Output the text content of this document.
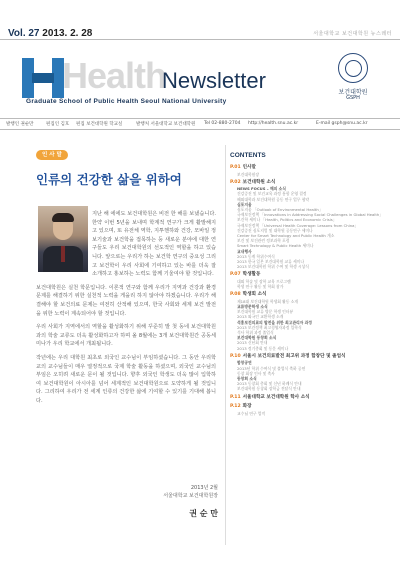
Vol. 27 2013. 2. 28	서울대학교 보건대학원 뉴스레터
Health
Newsletter
Graduate School of Public Health Seoul National University
보건대학원
GSPH
발행인 권순만	편집인 김호 편집 보건대학원 학교실	발행처 서울대학교 보건대학원 Tel 02-880-2704 http://health.snu.ac.kr	E-mail gsph@snu.ac.kr
인 사 말
인류의 건강한 삶을 위하여

지난 해 에에도 보건대학원은 비전 한 해를 보냈습니다. 한약 이번 5년을 보내며 학계적 연구가 크게 활발해지고 있으며, 또 유전체 역학, 지투헨하와 건강, 모바일 정보기술과 보건학을 접목하는 등 새로운 분야에 대한 연구들도 우리 보건대학원의 선도적인 역할을 하고 있습니다. 앞으로는 우리가 하는 보건학 연구의 중요성 그리고 보건학이 우리 사회에 기여하고 있는 바를 더욱 잘 소개하고 홍보하는 노력도 함께 기울여야 할 것입니다.

보건대학원은 실천 학문입니다. 이론적 연구와 함께 우리가 지역과 건강과 환경 문제를 해결하기 위한 실천적 노력을 게을리 하지 않아야 하겠습니다. 우리가 해결해야 할 보건의료 문제는 여전히 산적해 있으며, 한국 사회와 세계 보건 발전을 위한 노력이 계속되어야 할 것입니다.

우리 사회가 지역에서의 역할을 활성화하기 위해 꾸준히 발 첫 동네 보건대학원과의 학술 교류도 더욱 활성화하고자 하며 올 8월에는 3개 보건대학원간 공동세미나가 우리 학교에서 개최됩니다.

작년에는 우리 대학원 최초로 외국인 교수님이 부임하셨습니다. 그 동안 우리학교의 교수님들이 매우 열정적으로 국제 학술 활동을 하셨으며, 외국인 교수님의 부임은 오히려 새로운 문이 될 것입니다. 향후 외국인 학생도 더욱 많이 입학하여 보건대학원이 아시아를 넘어 세계적인 보건대학원으로 도약하게 될 것입니다. 그리하여 우리가 전 세계 인류의 건강한 삶에 기여할 수 있기를 기대해 봅니다.

2013년 2월
서울대학교 보건대학원장
권 순 만
CONTENTS
P.01 인사말
보건대학원장
P.02 보건대학원 소식
NEWS FOCUS – 해외 소식
건강증진 및 보건교육 과정 통합 운영 결정
해외대학과 보건대학원 공동 연구 업무 협약
심포지움
심포지움 「Outlook of Environmental Health」
국제보건정책 「Innovations in Addressing Social Challenges in Global Health」
보건학 세미나 「Health, Politics and Economic Crisis」
국제보건정책 「Universal Health Coverage: Lessons from China」
건강증진 심포지엄 및 대학원 공동연구 세미나
Center for Smart Technology and Public Health 개소
보건 및 보건관련 정보과학 포럼
Smart Technology & Public Health 세미나
교내행사
2013 동계 학위수여식
2013 한국 일본 보건대학원 교류 세미나
2013 보건대학원 학위 수여 및 학생 시상식
P.07 학생활동
대외 학술 및 장학 교육 프로그램
학생 연구 활동 및 학회 참가
P.08 학생회 소식
제18대 보건대학원 학생회 활동 소개
교류방문학생 소식
보건대학원 교류 방문 학생 인터뷰
2013 외국인 교환학생 소개
석흥보건의료의 발전을 위한 최고관리자 과정
2013 보건정책 최고경영자과정 입학식
석사 학위 과정 졸업식
보건대학원 동창회 소식
2013 신년회 안내
2013 정기총회 및 동문 세미나
P.10 서울시 보건의료발전 최고위 과정 합창단 및 졸업식
합창공연
2013년 학위 수여식 및 졸업식 축하 공연
동창 회장 인사 및 축사
동창회 소식
2013 동창회 총회 및 신년 하례식 안내
보건대학원 동창회 장학금 전달식 안내
P.11 서울대학교 보건대학원 학사 소식
P.12 화장
교수님 연구 업적
